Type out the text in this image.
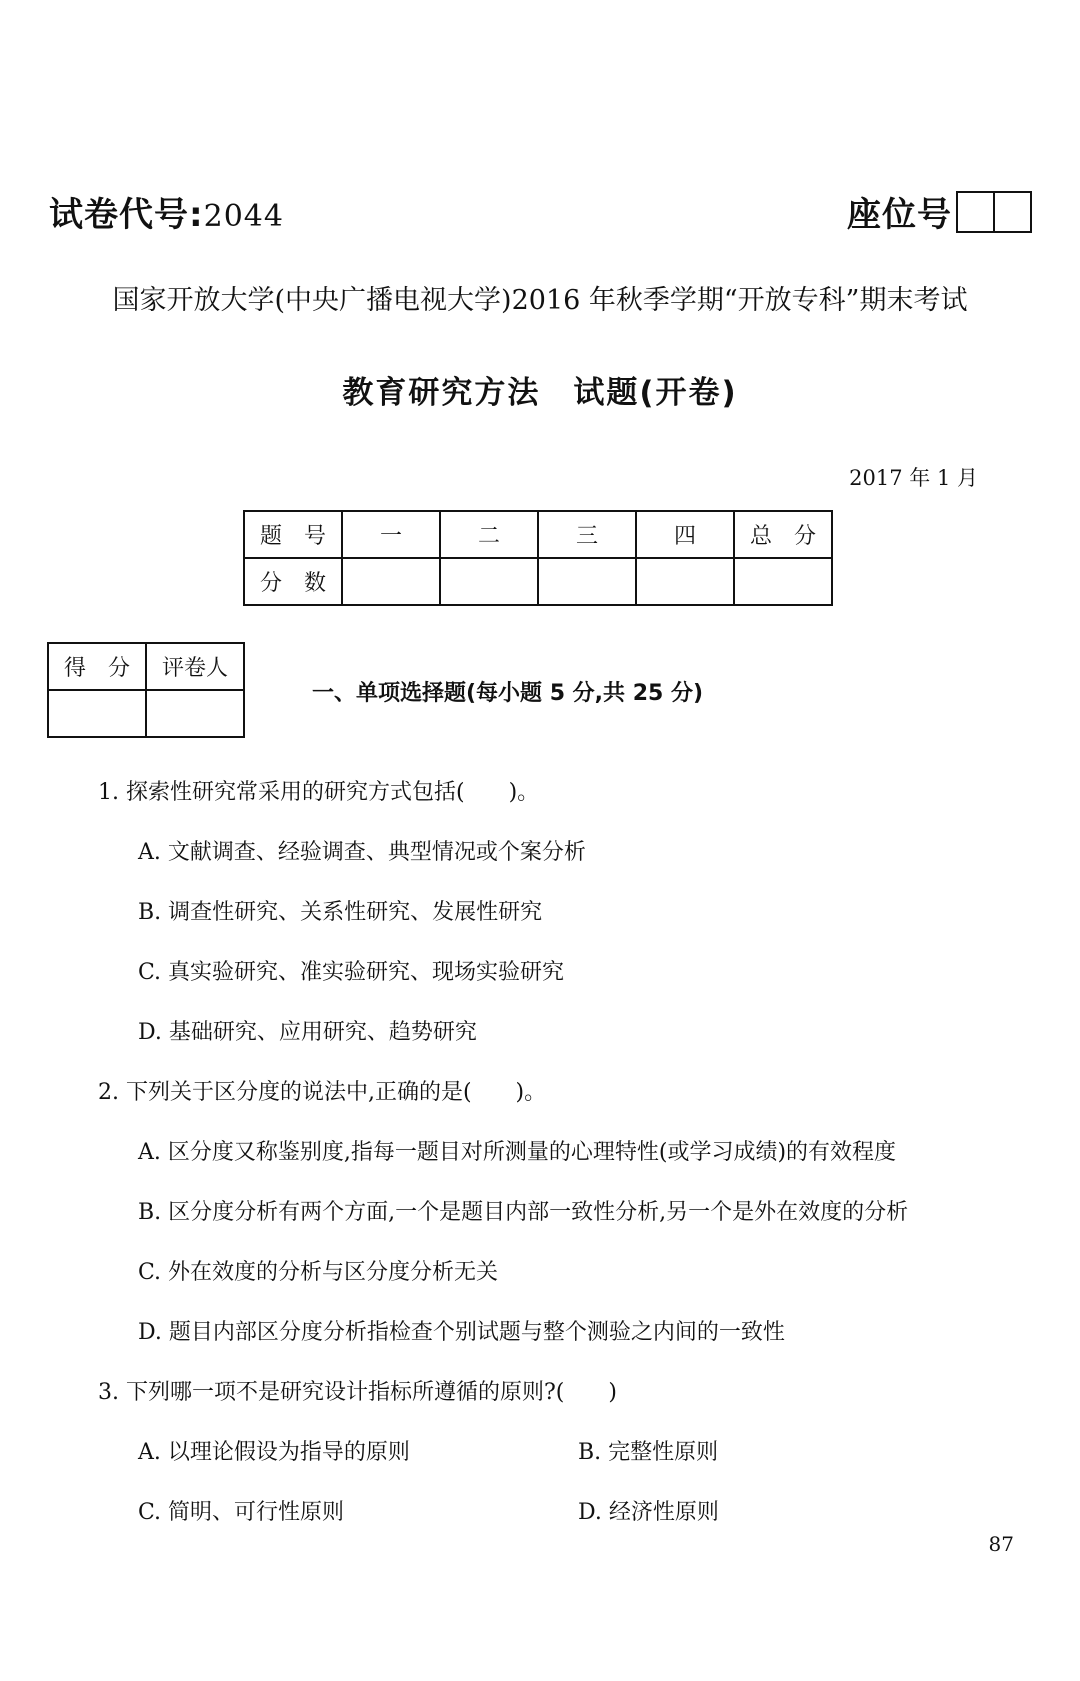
试卷代号:2044	座位号
国家开放大学(中央广播电视大学)2016 年秋季学期“开放专科”期末考试
教育研究方法　试题(开卷)
2017 年 1 月
题　号	一	二	三	四	总　分
分　数					
得　分	评卷人

一、单项选择题(每小题 5 分,共 25 分)
1. 探索性研究常采用的研究方式包括(　　)。
A. 文献调查、经验调查、典型情况或个案分析
B. 调查性研究、关系性研究、发展性研究
C. 真实验研究、准实验研究、现场实验研究
D. 基础研究、应用研究、趋势研究
2. 下列关于区分度的说法中,正确的是(　　)。
A. 区分度又称鉴别度,指每一题目对所测量的心理特性(或学习成绩)的有效程度
B. 区分度分析有两个方面,一个是题目内部一致性分析,另一个是外在效度的分析
C. 外在效度的分析与区分度分析无关
D. 题目内部区分度分析指检查个别试题与整个测验之内间的一致性
3. 下列哪一项不是研究设计指标所遵循的原则?(　　)
A. 以理论假设为指导的原则	B. 完整性原则
C. 简明、可行性原则	D. 经济性原则
87
